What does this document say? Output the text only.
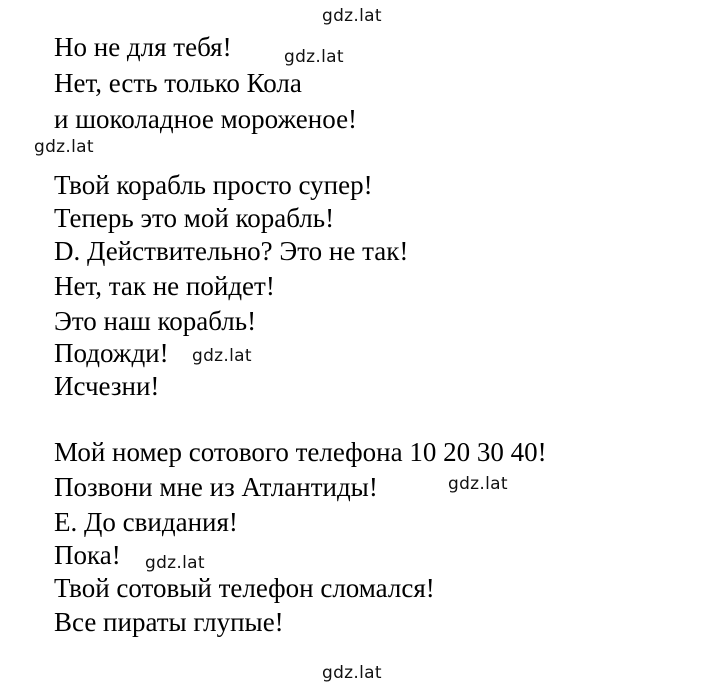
gdz.lat
gdz.lat
gdz.lat
gdz.lat
gdz.lat
gdz.lat
gdz.lat
Но не для тебя!
Нет, есть только Кола
и шоколадное мороженое!
Твой корабль просто супер!
Теперь это мой корабль!
D. Действительно? Это не так!
Нет, так не пойдет!
Это наш корабль!
Подожди!
Исчезни!
Мой номер сотового телефона 10 20 30 40!
Позвони мне из Атлантиды!
E. До свидания!
Пока!
Твой сотовый телефон сломался!
Все пираты глупые!
